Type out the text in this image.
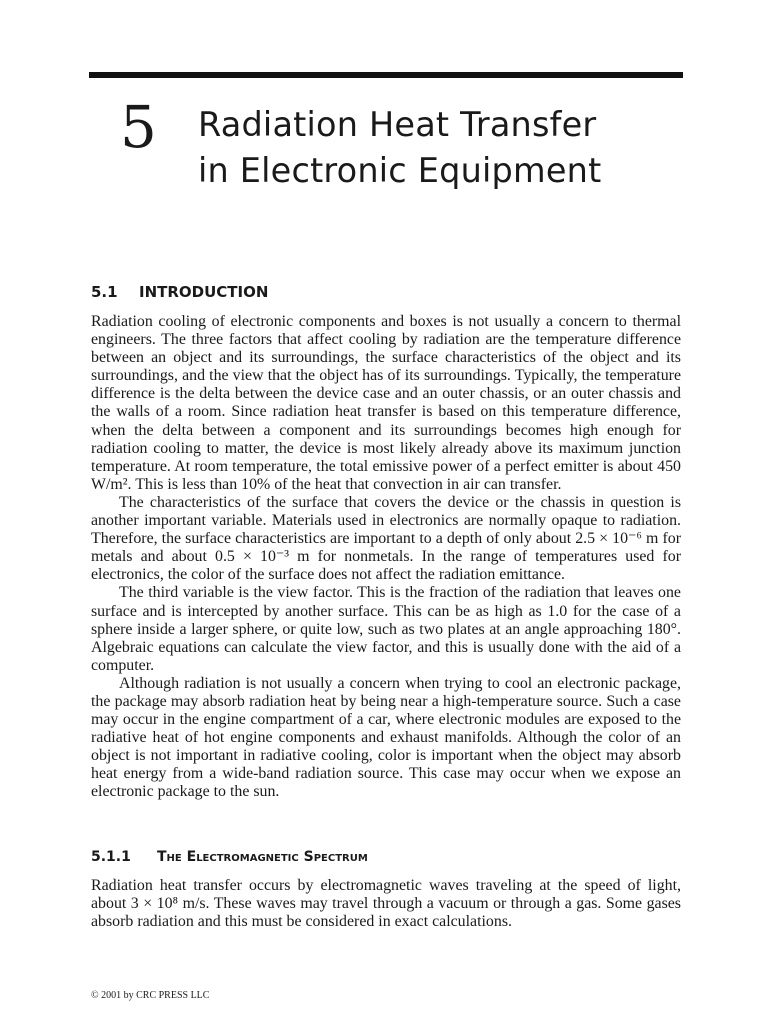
5 Radiation Heat Transfer
in Electronic Equipment
5.1 INTRODUCTION

Radiation cooling of electronic components and boxes is not usually a concern to thermal engineers. The three factors that affect cooling by radiation are the temperature difference between an object and its surroundings, the surface characteristics of the object and its surroundings, and the view that the object has of its surroundings. Typically, the temperature difference is the delta between the device case and an outer chassis, or an outer chassis and the walls of a room. Since radiation heat transfer is based on this temperature difference, when the delta between a component and its surroundings becomes high enough for radiation cooling to matter, the device is most likely already above its maximum junction temperature. At room temperature, the total emissive power of a perfect emitter is about 450 W/m². This is less than 10% of the heat that convection in air can transfer.

The characteristics of the surface that covers the device or the chassis in question is another important variable. Materials used in electronics are normally opaque to radiation. Therefore, the surface characteristics are important to a depth of only about 2.5 × 10⁻⁶ m for metals and about 0.5 × 10⁻³ m for nonmetals. In the range of temperatures used for electronics, the color of the surface does not affect the radiation emittance.

The third variable is the view factor. This is the fraction of the radiation that leaves one surface and is intercepted by another surface. This can be as high as 1.0 for the case of a sphere inside a larger sphere, or quite low, such as two plates at an angle approaching 180°. Algebraic equations can calculate the view factor, and this is usually done with the aid of a computer.

Although radiation is not usually a concern when trying to cool an electronic package, the package may absorb radiation heat by being near a high-temperature source. Such a case may occur in the engine compartment of a car, where electronic modules are exposed to the radiative heat of hot engine components and exhaust manifolds. Although the color of an object is not important in radiative cooling, color is important when the object may absorb heat energy from a wide-band radiation source. This case may occur when we expose an electronic package to the sun.

5.1.1 The Electromagnetic Spectrum

Radiation heat transfer occurs by electromagnetic waves traveling at the speed of light, about 3 × 10⁸ m/s. These waves may travel through a vacuum or through a gas. Some gases absorb radiation and this must be considered in exact calculations.

© 2001 by CRC PRESS LLC
